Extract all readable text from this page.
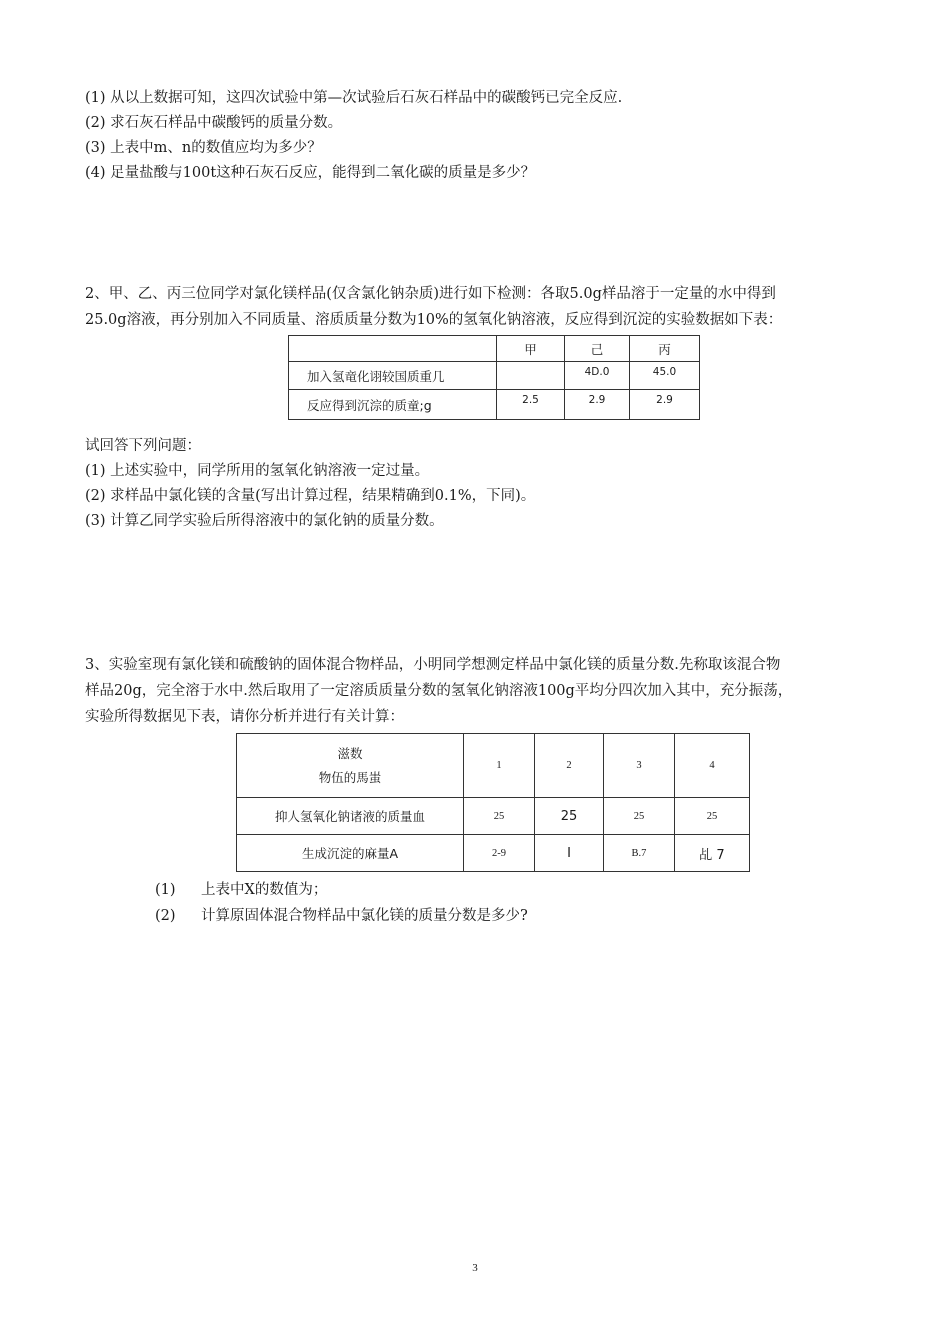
(1) 从以上数据可知，这四次试验中第—次试验后石灰石样品中的碳酸钙已完全反应.
(2) 求石灰石样品中碳酸钙的质量分数。
(3) 上表中m、n的数值应均为多少？
(4) 足量盐酸与100t这种石灰石反应，能得到二氧化碳的质量是多少？
2、甲、乙、丙三位同学对氯化镁样品(仅含氯化钠杂质)进行如下检测：各取5.0g样品溶于一定量的水中得到
25.0g溶液，再分别加入不同质量、溶质质量分数为10%的氢氧化钠溶液，反应得到沉淀的实验数据如下表：
	甲	己	丙
加入氢竜化诩较国质重几		4D.0	45.0
反应得到沉淙的质童;g	2.5	2.9	2.9
试回答下列问题：
(1) 上述实验中，同学所用的氢氧化钠溶液一定过量。
(2) 求样品中氯化镁的含量(写出计算过程，结果精确到0.1%，下同)。
(3) 计算乙同学实验后所得溶液中的氯化钠的质量分数。
3、实验室现有氯化镁和硫酸钠的固体混合物样品，小明同学想测定样品中氯化镁的质量分数.先称取该混合物
样品20g，完全溶于水中.然后取用了一定溶质质量分数的氢氧化钠溶液100g平均分四次加入其中，充分振荡，
实验所得数据见下表，请你分析并进行有关计算：
滋数
物伍的馬蚩	1	2	3	4
抑人氢氧化钠诸液的质量血	25	25	25	25
生成沉淀的麻量A	2-9	I	B.7	乩 7
(1) 上表中X的数值为；
(2) 计算原固体混合物样品中氯化镁的质量分数是多少?
3
